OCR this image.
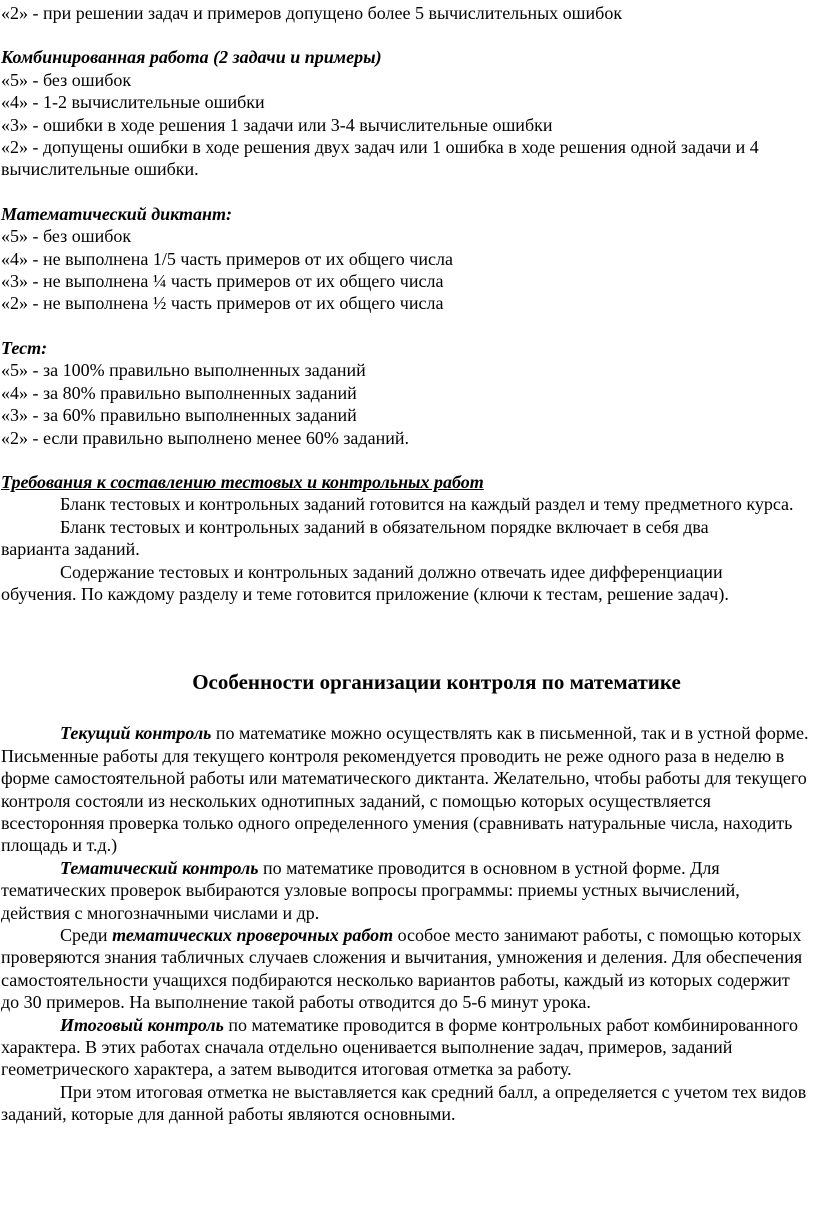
«2» - при решении задач и примеров допущено более 5 вычислительных ошибок

Комбинированная работа (2 задачи и примеры)

«5» - без ошибок

«4» - 1-2 вычислительные ошибки

«3» - ошибки в ходе решения 1 задачи или 3-4 вычислительные ошибки

«2» - допущены ошибки в ходе решения двух задач или 1 ошибка в ходе решения одной задачи и 4 вычислительные ошибки.

Математический диктант:

«5» - без ошибок

«4» - не выполнена 1/5 часть примеров от их общего числа

«3» - не выполнена ¼ часть примеров от их общего числа

«2» - не выполнена ½ часть примеров от их общего числа

Тест:

«5» - за 100% правильно выполненных заданий

«4» - за 80% правильно выполненных заданий

«3» - за 60% правильно выполненных заданий

«2» - если правильно выполнено менее 60% заданий.

Требования к составлению тестовых и контрольных работ

Бланк тестовых и контрольных заданий готовится на каждый раздел и тему предметного курса.

Бланк тестовых и контрольных заданий в обязательном порядке включает в себя два варианта заданий.

Содержание тестовых и контрольных заданий должно отвечать идее дифференциации обучения. По каждому разделу и теме готовится приложение (ключи к тестам, решение задач).

Особенности организации контроля по математике

Текущий контроль по математике можно осуществлять как в письменной, так и в устной форме. Письменные работы для текущего контроля рекомендуется проводить не реже одного раза в неделю в форме самостоятельной работы или математического диктанта. Желательно, чтобы работы для текущего контроля состояли из нескольких однотипных заданий, с помощью которых осуществляется всесторонняя проверка только одного определенного умения (сравнивать натуральные числа, находить площадь и т.д.)

Тематический контроль по математике проводится в основном в устной форме. Для тематических проверок выбираются узловые вопросы программы: приемы устных вычислений, действия с многозначными числами и др.

Среди тематических проверочных работ особое место занимают работы, с помощью которых проверяются знания табличных случаев сложения и вычитания, умножения и деления. Для обеспечения самостоятельности учащихся подбираются несколько вариантов работы, каждый из которых содержит до 30 примеров. На выполнение такой работы отводится до 5-6 минут урока.

Итоговый контроль по математике проводится в форме контрольных работ комбинированного характера. В этих работах сначала отдельно оценивается выполнение задач, примеров, заданий геометрического характера, а затем выводится итоговая отметка за работу.

При этом итоговая отметка не выставляется как средний балл, а определяется с учетом тех видов заданий, которые для данной работы являются основными.
